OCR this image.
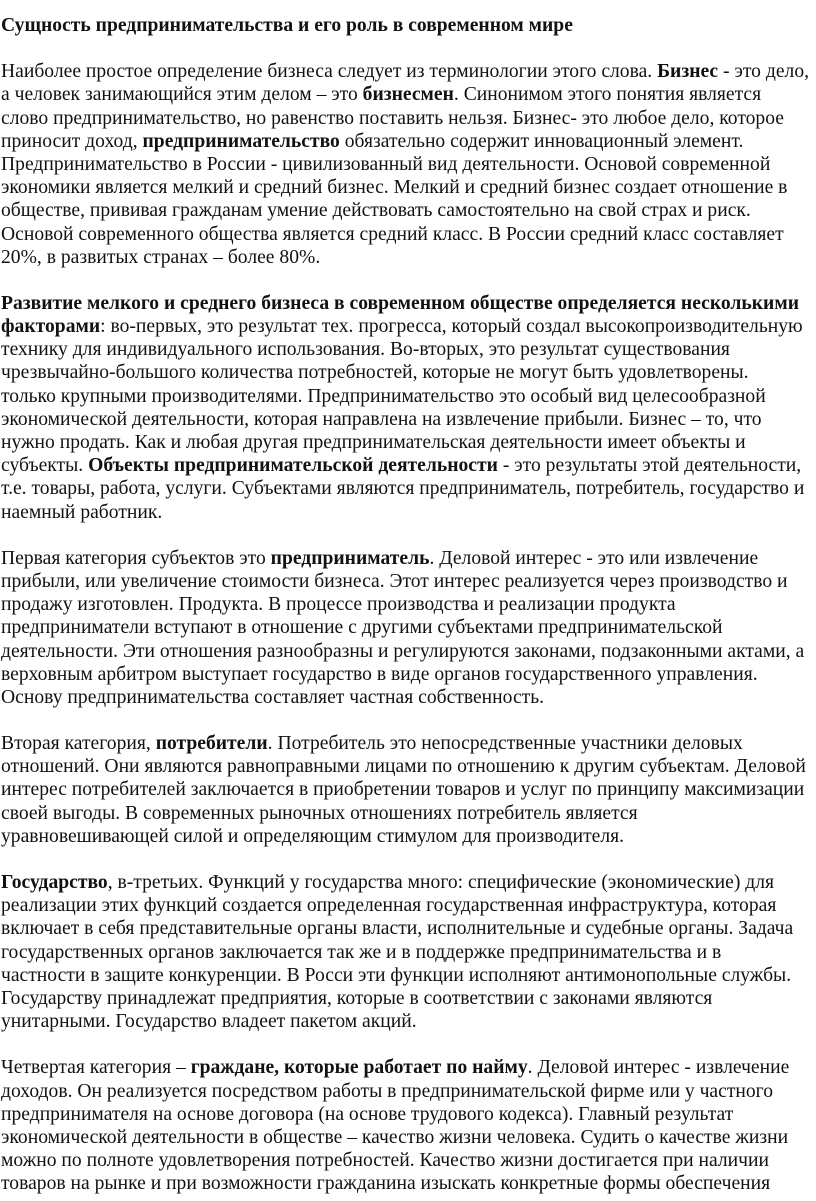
Сущность предпринимательства и его роль в современном мире
Наиболее простое определение бизнеса следует из терминологии этого слова. Бизнес - это дело,
а человек занимающийся этим делом – это бизнесмен. Синонимом этого понятия является
слово предпринимательство, но равенство поставить нельзя. Бизнес- это любое дело, которое
приносит доход, предпринимательство обязательно содержит инновационный элемент.
Предпринимательство в России - цивилизованный вид деятельности. Основой современной
экономики является мелкий и средний бизнес. Мелкий и средний бизнес создает отношение в
обществе, прививая гражданам умение действовать самостоятельно на свой страх и риск.
Основой современного общества является средний класс. В России средний класс составляет
20%, в развитых странах – более 80%.
Развитие мелкого и среднего бизнеса в современном обществе определяется несколькими
факторами: во-первых, это результат тех. прогресса, который создал высокопроизводительную
технику для индивидуального использования. Во-вторых, это результат существования
чрезвычайно-большого количества потребностей, которые не могут быть удовлетворены.
только крупными производителями. Предпринимательство это особый вид целесообразной
экономической деятельности, которая направлена на извлечение прибыли. Бизнес – то, что
нужно продать. Как и любая другая предпринимательская деятельности имеет объекты и
субъекты. Объекты предпринимательской деятельности - это результаты этой деятельности,
т.е. товары, работа, услуги. Субъектами являются предприниматель, потребитель, государство и
наемный работник.
Первая категория субъектов это предприниматель. Деловой интерес - это или извлечение
прибыли, или увеличение стоимости бизнеса. Этот интерес реализуется через производство и
продажу изготовлен. Продукта. В процессе производства и реализации продукта
предприниматели вступают в отношение с другими субъектами предпринимательской
деятельности. Эти отношения разнообразны и регулируются законами, подзаконными актами, а
верховным арбитром выступает государство в виде органов государственного управления.
Основу предпринимательства составляет частная собственность.
Вторая категория, потребители. Потребитель это непосредственные участники деловых
отношений. Они являются равноправными лицами по отношению к другим субъектам. Деловой
интерес потребителей заключается в приобретении товаров и услуг по принципу максимизации
своей выгоды. В современных рыночных отношениях потребитель является
уравновешивающей силой и определяющим стимулом для производителя.
Государство, в-третьих. Функций у государства много: специфические (экономические) для
реализации этих функций создается определенная государственная инфраструктура, которая
включает в себя представительные органы власти, исполнительные и судебные органы. Задача
государственных органов заключается так же и в поддержке предпринимательства и в
частности в защите конкуренции. В Росси эти функции исполняют антимонопольные службы.
Государству принадлежат предприятия, которые в соответствии с законами являются
унитарными. Государство владеет пакетом акций.
Четвертая категория – граждане, которые работает по найму. Деловой интерес - извлечение
доходов. Он реализуется посредством работы в предпринимательской фирме или у частного
предпринимателя на основе договора (на основе трудового кодекса). Главный результат
экономической деятельности в обществе – качество жизни человека. Судить о качестве жизни
можно по полноте удовлетворения потребностей. Качество жизни достигается при наличии
товаров на рынке и при возможности гражданина изыскать конкретные формы обеспечения
